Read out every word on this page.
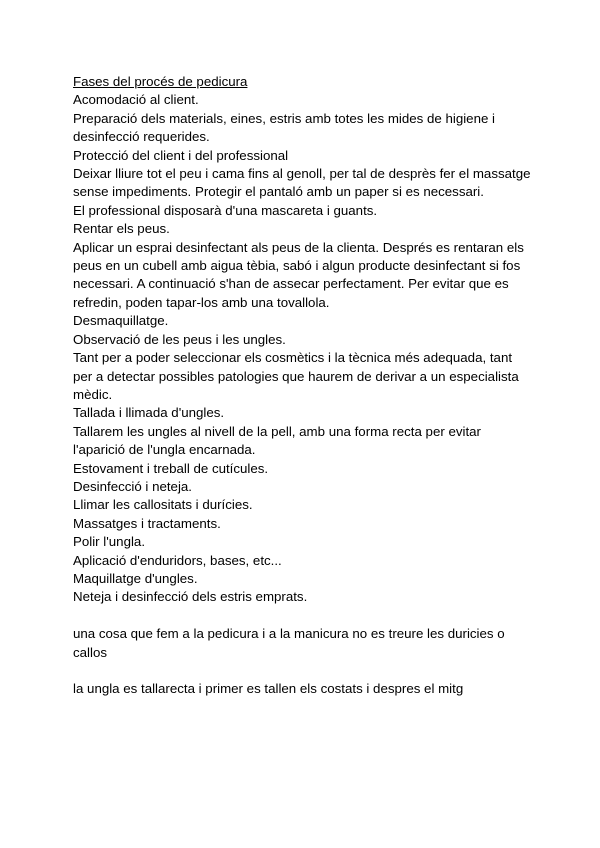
Fases del procés de pedicura

Acomodació al client.

Preparació dels materials, eines, estris amb totes les mides de higiene i desinfecció requerides.

Protecció del client i del professional

Deixar lliure tot el peu i cama fins al genoll, per tal de desprès fer el massatge sense impediments. Protegir el pantaló amb un paper si es necessari.

El professional disposarà d'una mascareta i guants.

Rentar els peus.

Aplicar un esprai desinfectant als peus de la clienta. Després es rentaran els peus en un cubell amb aigua tèbia, sabó i algun producte desinfectant si fos necessari. A continuació s'han de assecar perfectament. Per evitar que es refredin, poden tapar-los amb una tovallola.

Desmaquillatge.

Observació de les peus i les ungles.

Tant per a poder seleccionar els cosmètics i la tècnica més adequada, tant per a detectar possibles patologies que haurem de derivar a un especialista mèdic.

Tallada i llimada d'ungles.

Tallarem les ungles al nivell de la pell, amb una forma recta per evitar l'aparició de l'ungla encarnada.

Estovament i treball de cutícules.

Desinfecció i neteja.

Llimar les callositats i durícies.

Massatges i tractaments.

Polir l'ungla.

Aplicació d'enduridors, bases, etc...

Maquillatge d'ungles.

Neteja i desinfecció dels estris emprats.

una cosa que fem a la pedicura i a la manicura no es treure les duricies o callos

la ungla es tallarecta i primer es tallen els costats i despres el mitg
